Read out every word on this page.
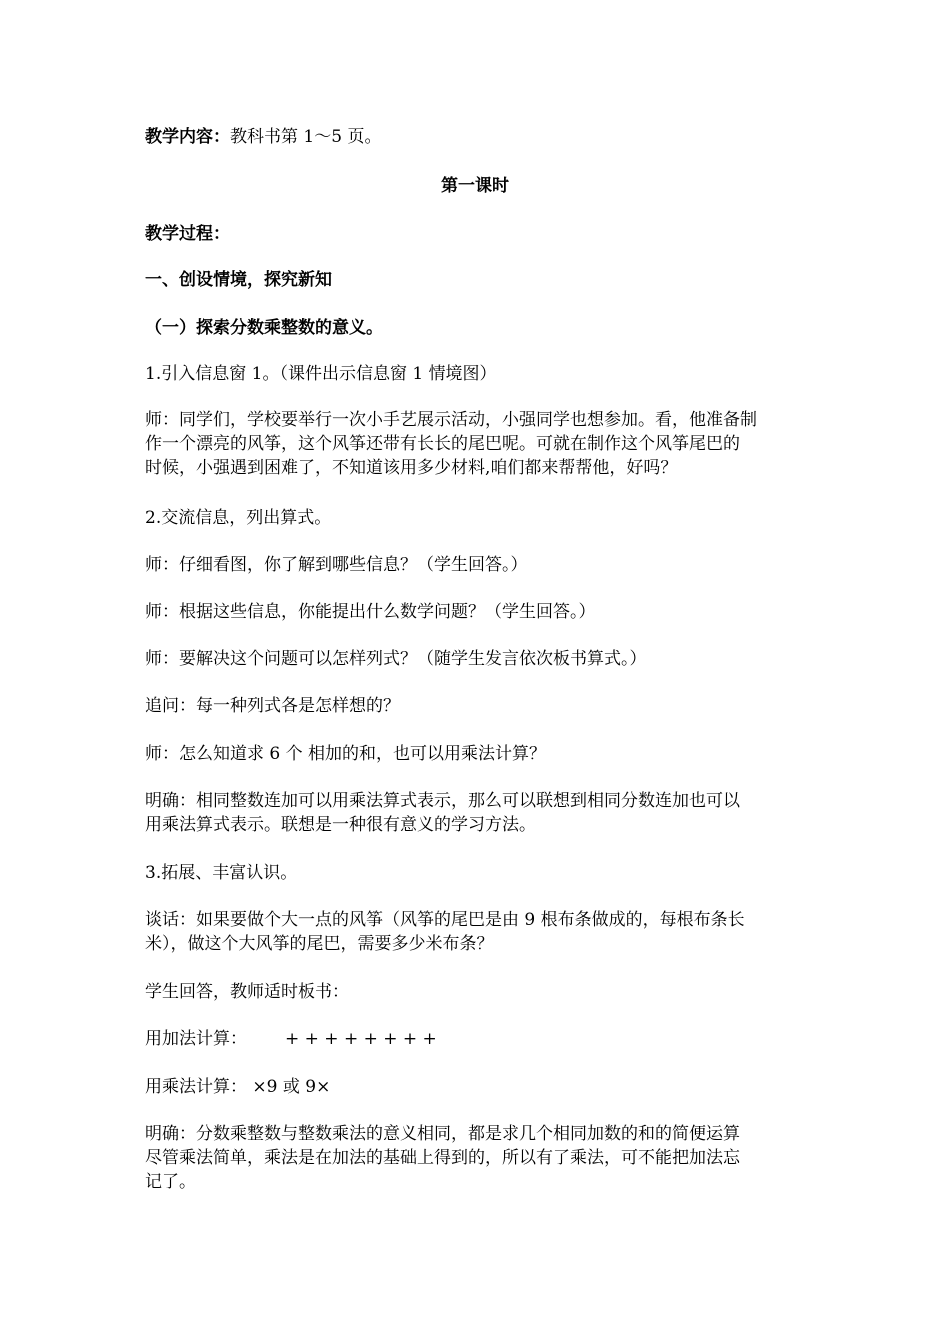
教学内容：教科书第 1～5 页。
第一课时
教学过程：
一、创设情境，探究新知
（一）探索分数乘整数的意义。
1.引入信息窗 1。（课件出示信息窗 1 情境图）
师：同学们，学校要举行一次小手艺展示活动，小强同学也想参加。看，他准备制
作一个漂亮的风筝，这个风筝还带有长长的尾巴呢。可就在制作这个风筝尾巴的
时候，小强遇到困难了，不知道该用多少材料,咱们都来帮帮他，好吗？
2.交流信息，列出算式。
师：仔细看图，你了解到哪些信息？（学生回答。）
师：根据这些信息，你能提出什么数学问题？（学生回答。）
师：要解决这个问题可以怎样列式？（随学生发言依次板书算式。）
追问：每一种列式各是怎样想的？
师：怎么知道求 6 个 相加的和，也可以用乘法计算？
明确：相同整数连加可以用乘法算式表示，那么可以联想到相同分数连加也可以
用乘法算式表示。联想是一种很有意义的学习方法。
3.拓展、丰富认识。
谈话：如果要做个大一点的风筝（风筝的尾巴是由 9 根布条做成的，每根布条长
米），做这个大风筝的尾巴，需要多少米布条？
学生回答，教师适时板书：
用加法计算： + + + + + + + +
用乘法计算： ×9 或 9×
明确：分数乘整数与整数乘法的意义相同，都是求几个相同加数的和的简便运算
尽管乘法简单，乘法是在加法的基础上得到的，所以有了乘法，可不能把加法忘
记了。
